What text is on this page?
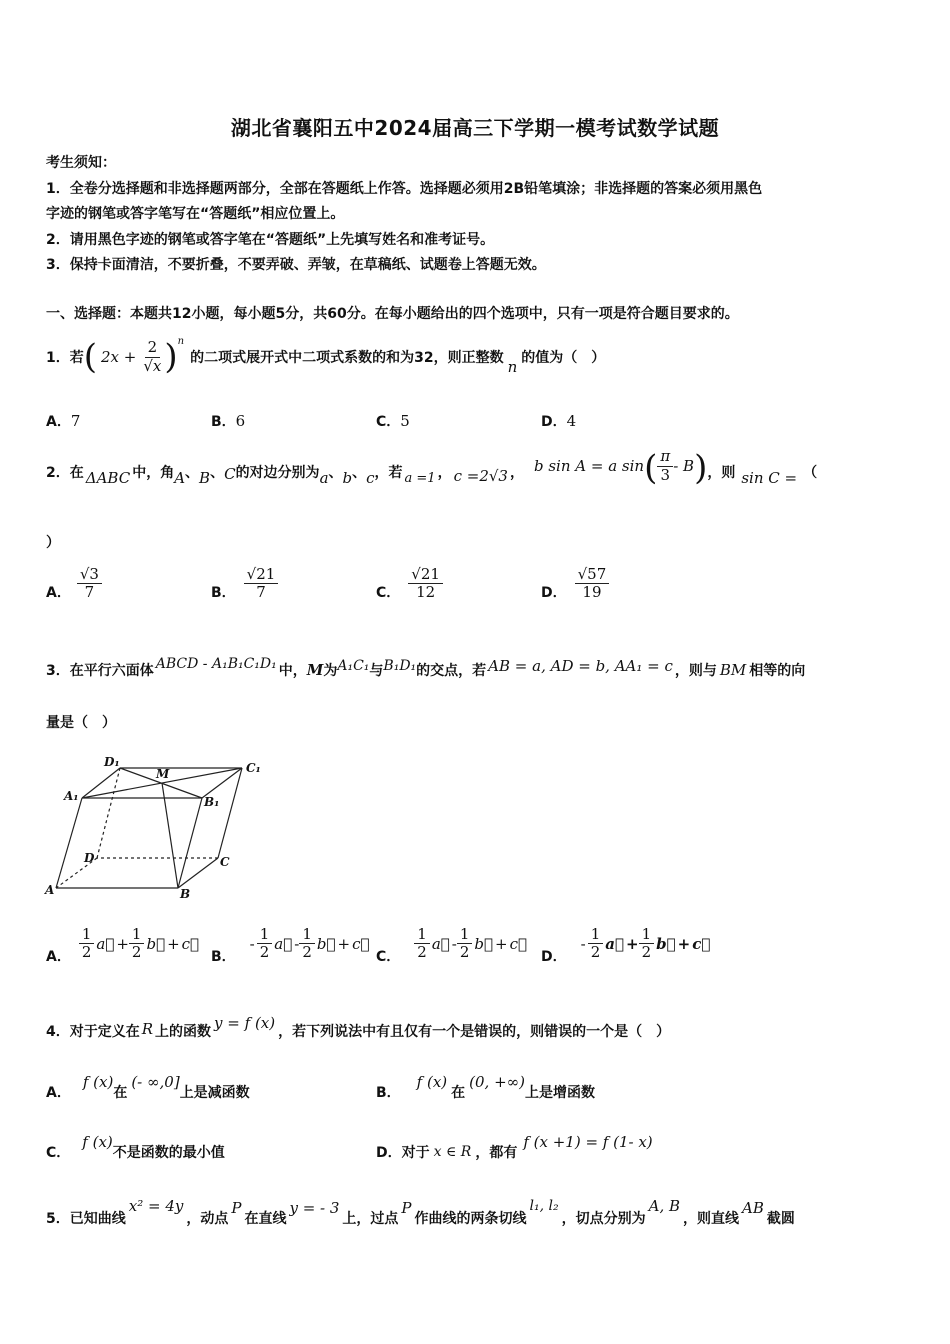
湖北省襄阳五中2024届高三下学期一模考试数学试题
考生须知：
1．全卷分选择题和非选择题两部分，全部在答题纸上作答。选择题必须用2B铅笔填涂；非选择题的答案必须用黑色
字迹的钢笔或答字笔写在“答题纸”相应位置上。
2．请用黑色字迹的钢笔或答字笔在“答题纸”上先填写姓名和准考证号。
3．保持卡面清洁，不要折叠，不要弄破、弄皱，在草稿纸、试题卷上答题无效。
一、选择题：本题共12小题，每小题5分，共60分。在每小题给出的四个选项中，只有一项是符合题目要求的。
1．若 ( $2x + \frac{2}{√x}$ ) n
的二项式展开式中二项式系数的和为32，则正整数 n 的值为（　）
A．7	B．6	C．5	D．4
2．在 ΔABC 中，角 A 、 B 、 C 的对边分别为 a 、 b 、 c ，若 a =1 ， c =2√3 ， b sin A = a sin ( $\frac{\pi}{3}$ - B ) ，则 sin C = （
）
A． $\frac{√3}{7}$	B． $\frac{√21}{7}$	C． $\frac{√21}{12}$	D． $\frac{√57}{19}$
3．在平行六面体 ABCD - A₁B₁C₁D₁ 中， M 为 A₁C₁ 与 B₁D₁ 的交点，若 AB = a, AD = b, AA₁ = c ，则与 BM 相等的向
量是（　）
D₁
M	C₁
A₁	B₁
D	C
A	B
A． $\frac{1}{2}$ a⃗ + $\frac{1}{2}$ b⃗ + c⃗
B．
- $\frac{1}{2}$ a⃗ - $\frac{1}{2}$ b⃗ + c⃗
C． $\frac{1}{2}$ a⃗ - $\frac{1}{2}$ b⃗ + c⃗
D．
- $\frac{1}{2}$ a⃗ + $\frac{1}{2}$ b⃗ + c⃗
4．对于定义在 R 上的函数 y = f (x) ，若下列说法中有且仅有一个是错误的，则错误的一个是（　）
A．
f (x)
在
(- ∞,0]
上是减函数	B．
f (x)
在
(0, +∞)
上是增函数
C．
f (x)
不是函数的最小值	D．对于 x ∈ R ，都有
f (x +1) = f (1- x)
5．已知曲线
x² = 4y
，动点
P
在直线
y = - 3
上，过点
P
作曲线的两条切线
l₁, l₂
，切点分别为
A, B
，则直线
AB
截圆
